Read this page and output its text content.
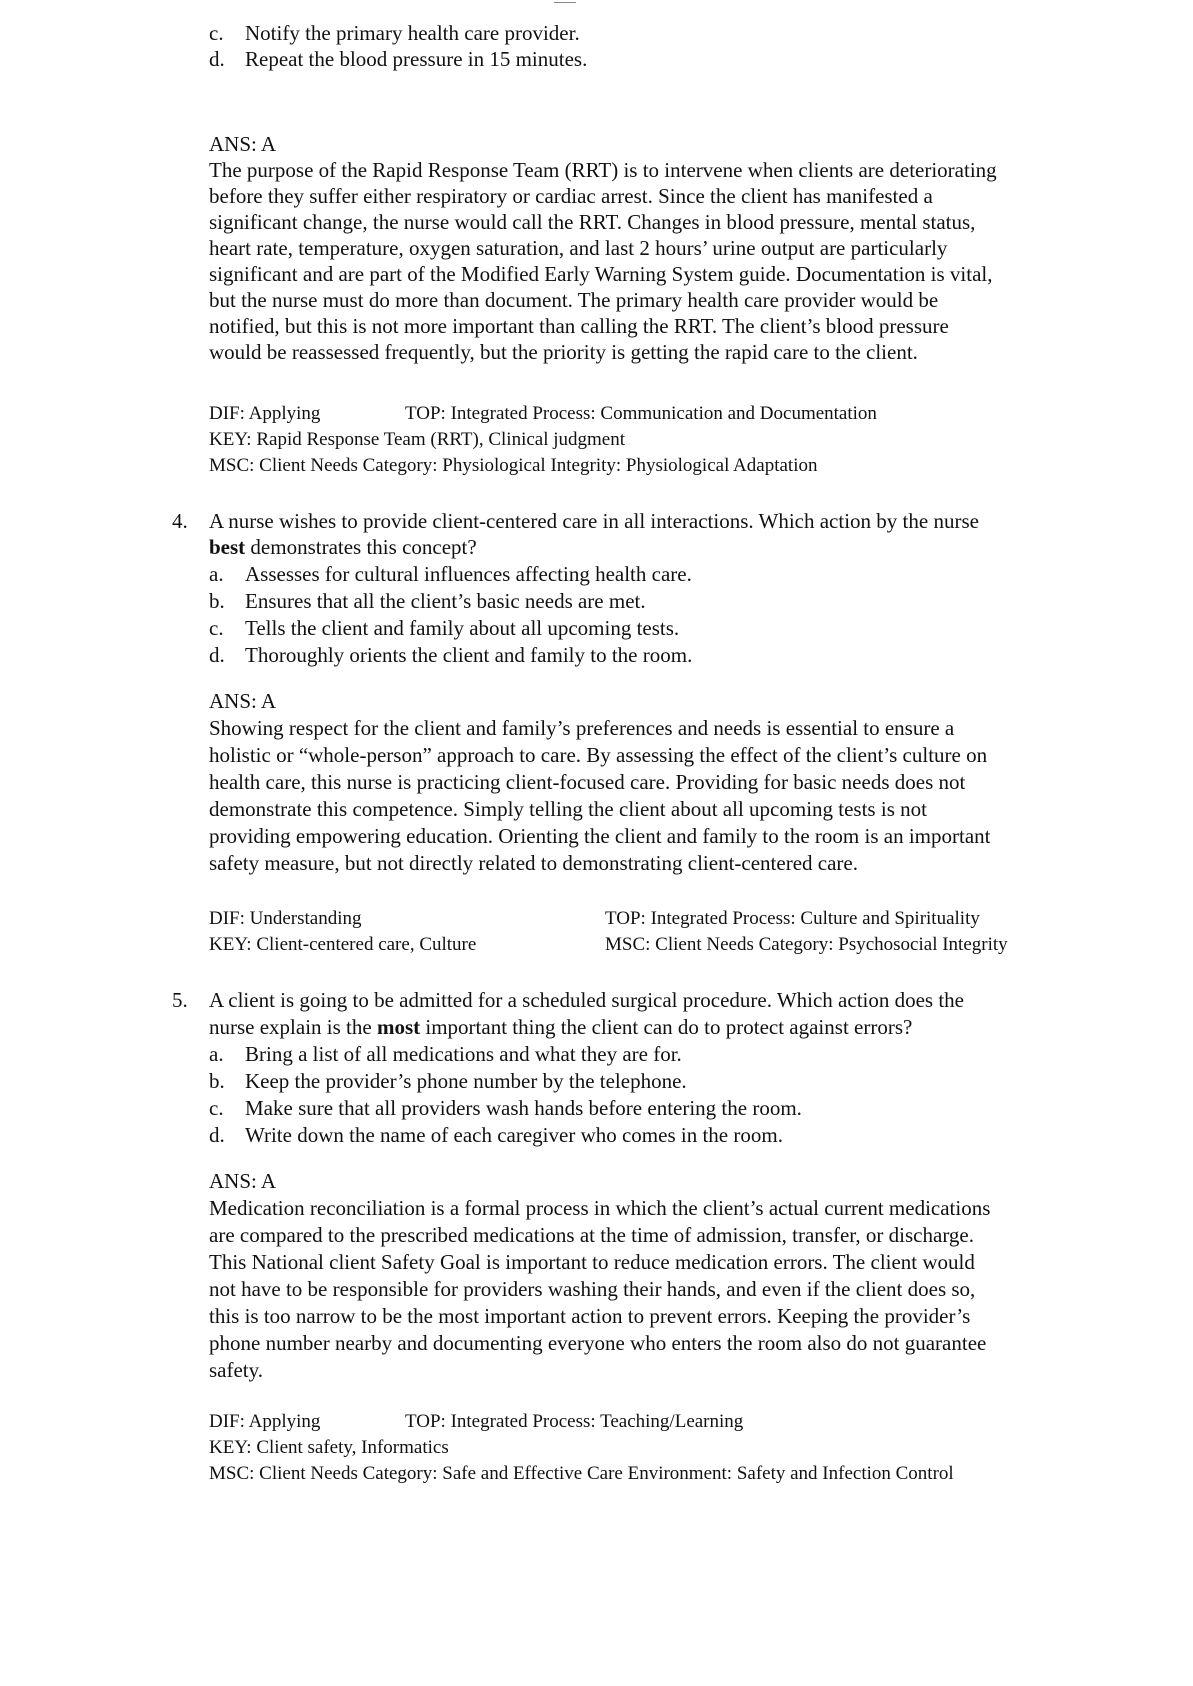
c.	Notify the primary health care provider.
d. Repeat the blood pressure in 15 minutes.
ANS: A
The purpose of the Rapid Response Team (RRT) is to intervene when clients are deteriorating
before they suffer either respiratory or cardiac arrest. Since the client has manifested a
significant change, the nurse would call the RRT. Changes in blood pressure, mental status,
heart rate, temperature, oxygen saturation, and last 2 hours’ urine output are particularly
significant and are part of the Modified Early Warning System guide. Documentation is vital,
but the nurse must do more than document. The primary health care provider would be
notified, but this is not more important than calling the RRT. The client’s blood pressure
would be reassessed frequently, but the priority is getting the rapid care to the client.
DIF: Applying	TOP: Integrated Process: Communication and Documentation
KEY: Rapid Response Team (RRT), Clinical judgment
MSC: Client Needs Category: Physiological Integrity: Physiological Adaptation
4. A nurse wishes to provide client-centered care in all interactions. Which action by the nurse
best demonstrates this concept?
a.	Assesses for cultural influences affecting health care.
b. Ensures that all the client’s basic needs are met.
c.	Tells the client and family about all upcoming tests.
d. Thoroughly orients the client and family to the room.
ANS: A
Showing respect for the client and family’s preferences and needs is essential to ensure a
holistic or “whole-person” approach to care. By assessing the effect of the client’s culture on
health care, this nurse is practicing client-focused care. Providing for basic needs does not
demonstrate this competence. Simply telling the client about all upcoming tests is not
providing empowering education. Orienting the client and family to the room is an important
safety measure, but not directly related to demonstrating client-centered care.
DIF: Understanding	TOP: Integrated Process: Culture and Spirituality
KEY: Client-centered care, Culture	MSC: Client Needs Category: Psychosocial Integrity
5. A client is going to be admitted for a scheduled surgical procedure. Which action does the
nurse explain is the most important thing the client can do to protect against errors?
a.	Bring a list of all medications and what they are for.
b. Keep the provider’s phone number by the telephone.
c.	Make sure that all providers wash hands before entering the room.
d. Write down the name of each caregiver who comes in the room.
ANS: A
Medication reconciliation is a formal process in which the client’s actual current medications
are compared to the prescribed medications at the time of admission, transfer, or discharge.
This National client Safety Goal is important to reduce medication errors. The client would
not have to be responsible for providers washing their hands, and even if the client does so,
this is too narrow to be the most important action to prevent errors. Keeping the provider’s
phone number nearby and documenting everyone who enters the room also do not guarantee
safety.
DIF: Applying	TOP: Integrated Process: Teaching/Learning
KEY: Client safety, Informatics
MSC: Client Needs Category: Safe and Effective Care Environment: Safety and Infection Control
